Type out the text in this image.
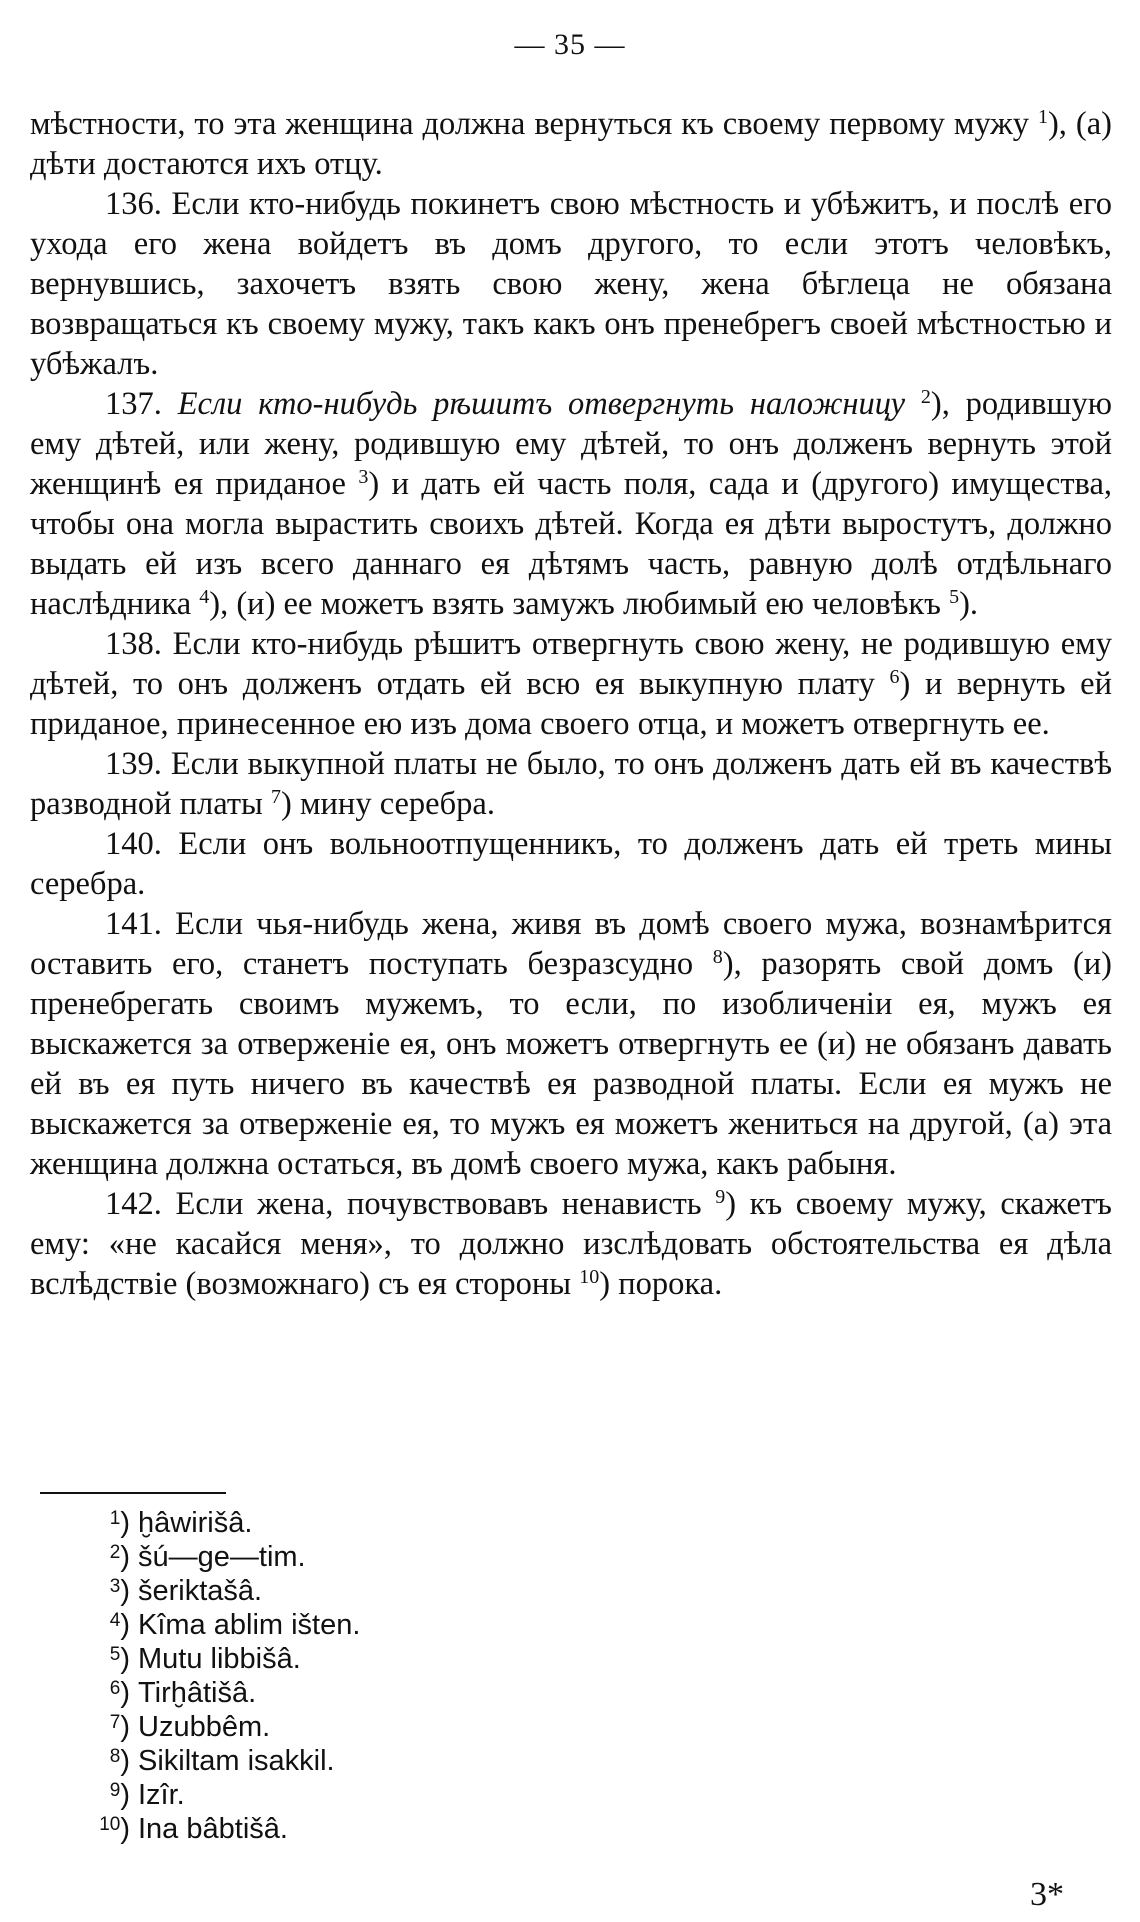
— 35 —

мѣстности, то эта женщина должна вернуться къ своему первому мужу $^1$), (а) дѣти достаются ихъ отцу.

136. Если кто-нибудь покинетъ свою мѣстность и убѣжитъ, и послѣ его ухода его жена войдетъ въ домъ другого, то если этотъ человѣкъ, вернувшись, захочетъ взять свою жену, жена бѣглеца не обязана возвращаться къ своему мужу, такъ какъ онъ пренебрегъ своей мѣстностью и убѣжалъ.

137. Если кто-нибудь рѣшитъ отвергнуть наложницу $^2$), родившую ему дѣтей, или жену, родившую ему дѣтей, то онъ долженъ вернуть этой женщинѣ ея приданое $^3$) и дать ей часть поля, сада и (другого) имущества, чтобы она могла вырастить своихъ дѣтей. Когда ея дѣти выростутъ, должно выдать ей изъ всего даннаго ея дѣтямъ часть, равную долѣ отдѣльнаго наслѣдника $^4$), (и) ее можетъ взять замужъ любимый ею человѣкъ $^5$).

138. Если кто-нибудь рѣшитъ отвергнуть свою жену, не родившую ему дѣтей, то онъ долженъ отдать ей всю ея выкупную плату $^6$) и вернуть ей приданое, принесенное ею изъ дома своего отца, и можетъ отвергнуть ее.

139. Если выкупной платы не было, то онъ долженъ дать ей въ качествѣ разводной платы $^7$) мину серебра.

140. Если онъ вольноотпущенникъ, то долженъ дать ей треть мины серебра.

141. Если чья-нибудь жена, живя въ домѣ своего мужа, вознамѣрится оставить его, станетъ поступать безразсудно $^8$), разорять свой домъ (и) пренебрегать своимъ мужемъ, то если, по изобличенiи ея, мужъ ея выскажется за отверженiе ея, онъ можетъ отвергнуть ее (и) не обязанъ давать ей въ ея путь ничего въ качествѣ ея разводной платы. Если ея мужъ не выскажется за отверженiе ея, то мужъ ея можетъ жениться на другой, (а) эта женщина должна остаться, въ домѣ своего мужа, какъ рабыня.

142. Если жена, почувствовавъ ненависть $^9$) къ своему мужу, скажетъ ему: «не касайся меня», то должно изслѣдовать обстоятельства ея дѣла вслѣдствiе (возможнаго) съ ея стороны $^{10}$) порока.

$^1$) ḫâwirišâ.
$^2$) šú—ge—tim.
$^3$) šeriktašâ.
$^4$) Kîma ablim išten.
$^5$) Mutu libbišâ.
$^6$) Tirḫâtišâ.
$^7$) Uzubbêm.
$^8$) Sikiltam isakkil.
$^9$) Izîr.
$^{10}$) Ina bâbtišâ.
3*
